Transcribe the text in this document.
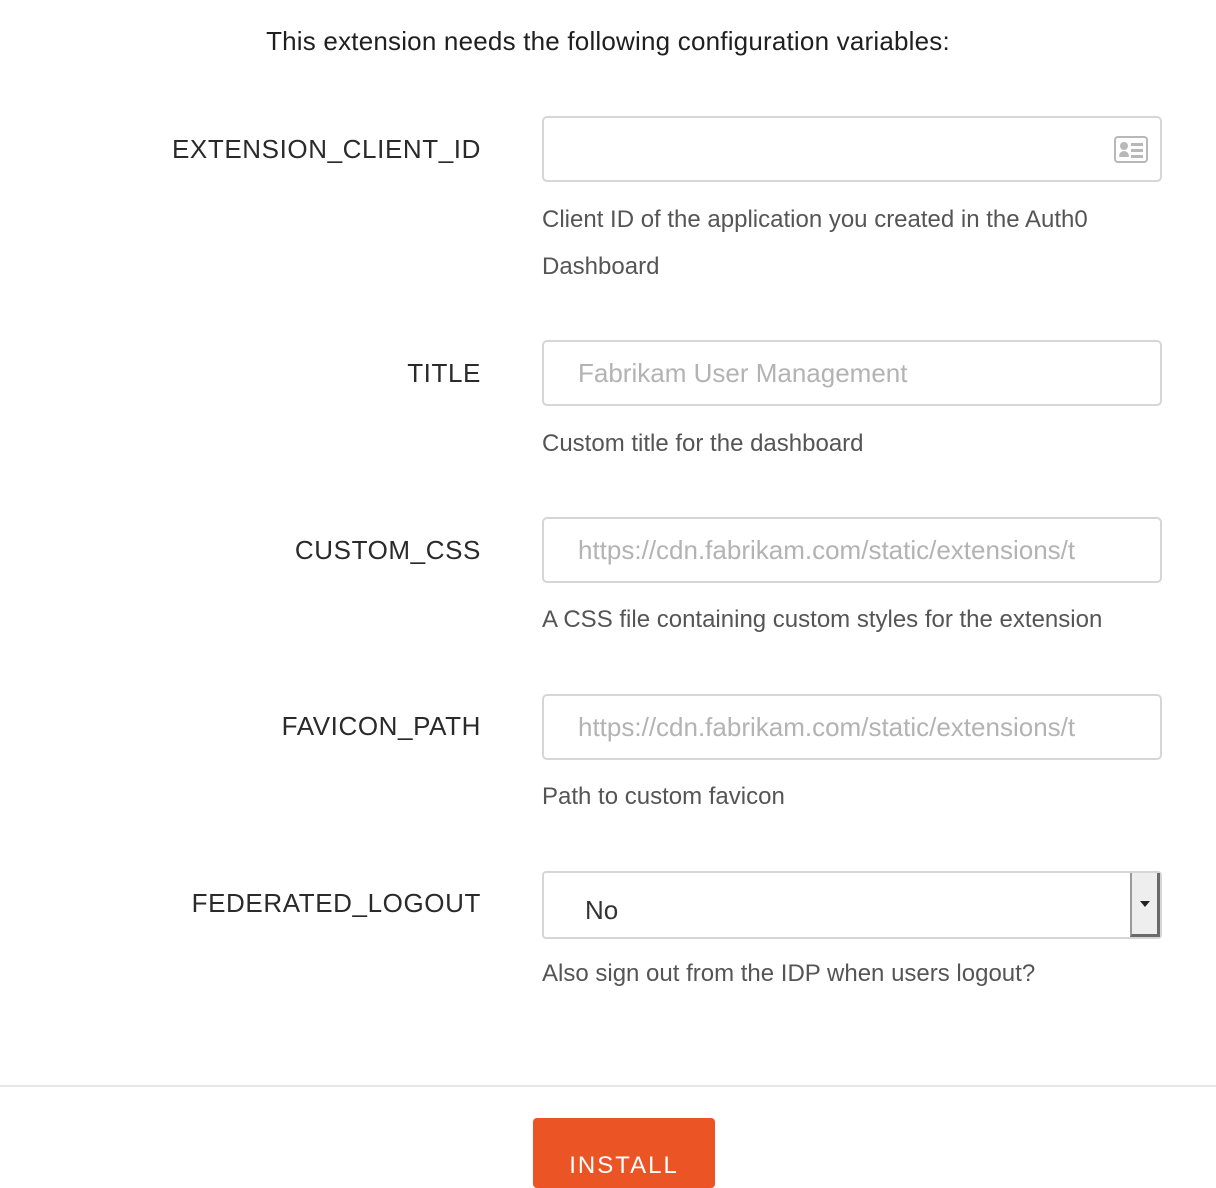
This extension needs the following configuration variables:
EXTENSION_CLIENT_ID
Client ID of the application you created in the Auth0 Dashboard
TITLE
Fabrikam User Management
Custom title for the dashboard
CUSTOM_CSS
https://cdn.fabrikam.com/static/extensions/t
A CSS file containing custom styles for the extension
FAVICON_PATH
https://cdn.fabrikam.com/static/extensions/t
Path to custom favicon
FEDERATED_LOGOUT	No
Also sign out from the IDP when users logout?
INSTALL
